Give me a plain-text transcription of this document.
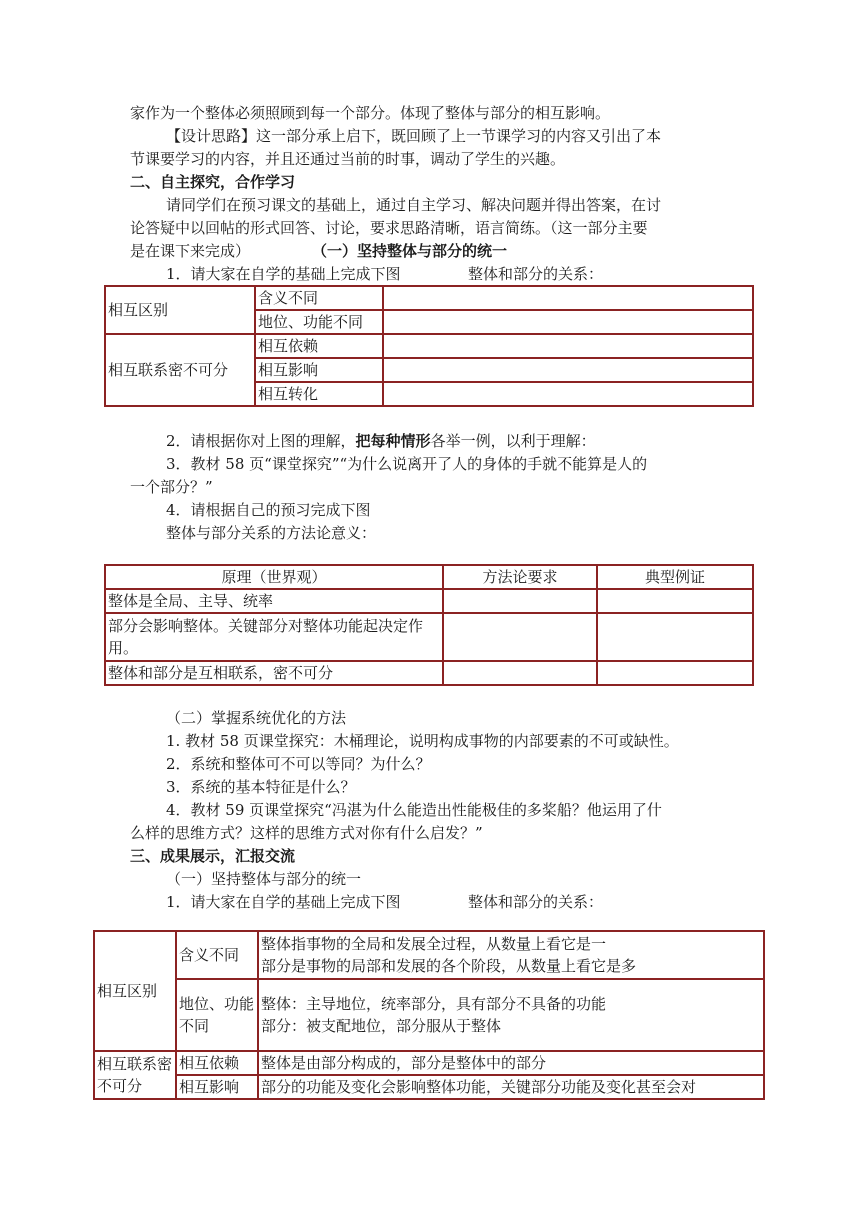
家作为一个整体必须照顾到每一个部分。体现了整体与部分的相互影响。
【设计思路】这一部分承上启下，既回顾了上一节课学习的内容又引出了本
节课要学习的内容，并且还通过当前的时事，调动了学生的兴趣。
二、自主探究，合作学习
请同学们在预习课文的基础上，通过自主学习、解决问题并得出答案，在讨
论答疑中以回帖的形式回答、讨论，要求思路清晰，语言简练。（这一部分主要
是在课下来完成）	（一）坚持整体与部分的统一
1．请大家在自学的基础上完成下图	整体和部分的关系：
相互区别	含义不同	
	地位、功能不同	
相互联系密不可分	相互依赖	
	相互影响	
	相互转化	
2．请根据你对上图的理解，把每种情形各举一例，以利于理解：
3．教材 58 页“课堂探究”“为什么说离开了人的身体的手就不能算是人的
一个部分？”
4．请根据自己的预习完成下图
整体与部分关系的方法论意义：
原理（世界观）	方法论要求	典型例证
整体是全局、主导、统率		
部分会影响整体。关键部分对整体功能起决定作用。		
整体和部分是互相联系，密不可分		
（二）掌握系统优化的方法
1. 教材 58 页课堂探究：木桶理论，说明构成事物的内部要素的不可或缺性。
2．系统和整体可不可以等同？为什么？
3．系统的基本特征是什么？
4．教材 59 页课堂探究“冯湛为什么能造出性能极佳的多桨船？他运用了什
么样的思维方式？这样的思维方式对你有什么启发？”
三、成果展示，汇报交流
（一）坚持整体与部分的统一
1．请大家在自学的基础上完成下图	整体和部分的关系：
相互区别	含义不同	整体指事物的全局和发展全过程，从数量上看它是一
部分是事物的局部和发展的各个阶段，从数量上看它是多

	地位、功能不同	整体：主导地位，统率部分，具有部分不具备的功能
部分：被支配地位，部分服从于整体

相互联系密不可分	相互依赖	整体是由部分构成的，部分是整体中的部分
	相互影响	部分的功能及变化会影响整体功能，关键部分功能及变化甚至会对
